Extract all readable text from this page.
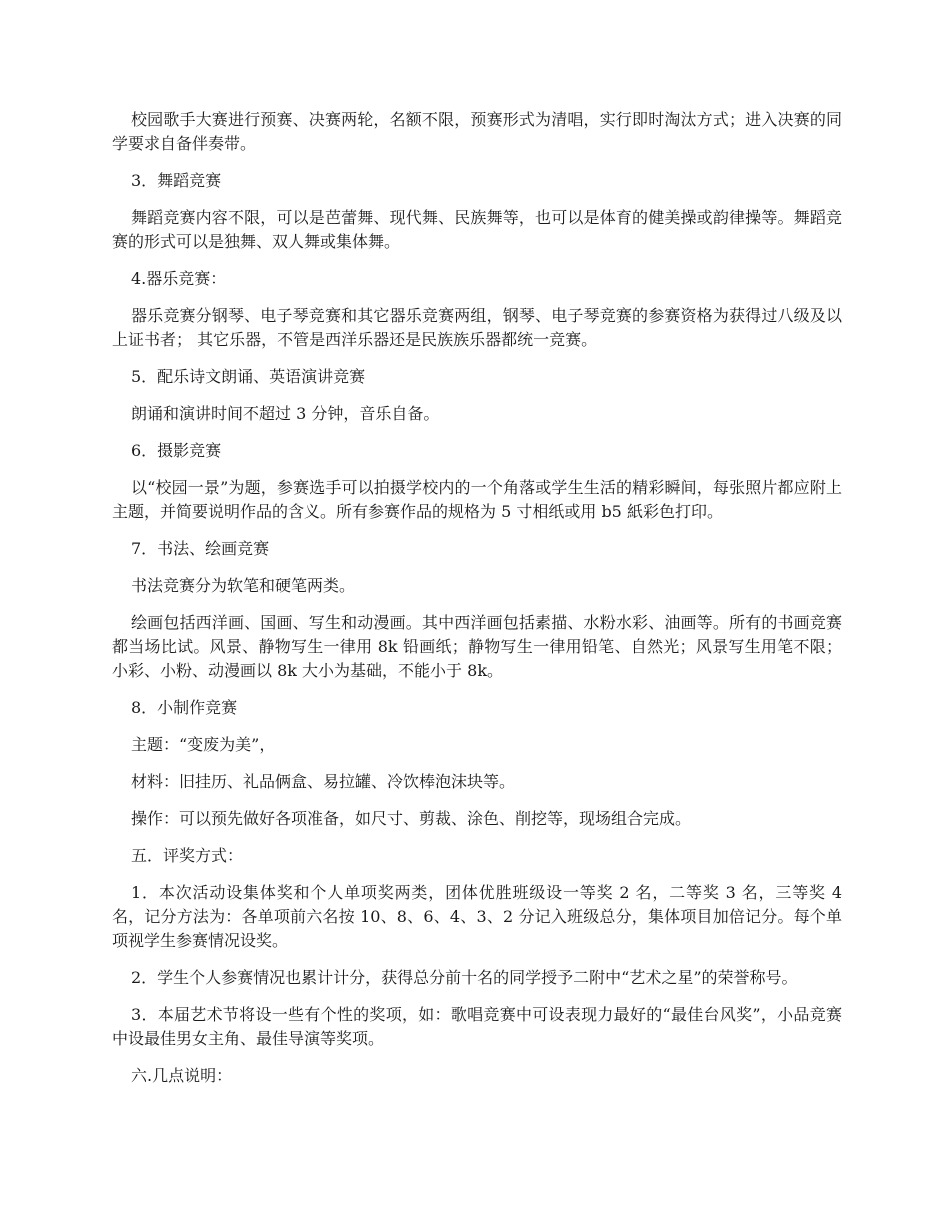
校园歌手大赛进行预赛、决赛两轮，名额不限，预赛形式为清唱，实行即时淘汰方式；进入决赛的同学要求自备伴奏带。

3．舞蹈竞赛

舞蹈竞赛内容不限，可以是芭蕾舞、现代舞、民族舞等，也可以是体育的健美操或韵律操等。舞蹈竞赛的形式可以是独舞、双人舞或集体舞。

4.器乐竞赛：

器乐竞赛分钢琴、电子琴竞赛和其它器乐竞赛两组，钢琴、电子琴竞赛的参赛资格为获得过八级及以上证书者； 其它乐器，不管是西洋乐器还是民族族乐器都统一竞赛。

5．配乐诗文朗诵、英语演讲竞赛

朗诵和演讲时间不超过 3 分钟，音乐自备。

6．摄影竞赛

以“校园一景”为题，参赛选手可以拍摄学校内的一个角落或学生生活的精彩瞬间，每张照片都应附上主题，并简要说明作品的含义。所有参赛作品的规格为 5 寸相纸或用 b5 紙彩色打印。

7．书法、绘画竞赛

书法竞赛分为软笔和硬笔两类。

绘画包括西洋画、国画、写生和动漫画。其中西洋画包括素描、水粉水彩、油画等。所有的书画竞赛都当场比试。风景、静物写生一律用 8k 铅画纸；静物写生一律用铅笔、自然光；风景写生用笔不限；小彩、小粉、动漫画以 8k 大小为基础，不能小于 8k。

8．小制作竞赛

主题：“变废为美”，

材料：旧挂历、礼品俩盒、易拉罐、冷饮棒泡沫块等。

操作：可以预先做好各项准备，如尺寸、剪裁、涂色、削挖等，现场组合完成。

五．评奖方式：

1．本次活动设集体奖和个人单项奖两类，团体优胜班级设一等奖 2 名，二等奖 3 名，三等奖 4 名，记分方法为：各单项前六名按 10、8、6、4、3、2 分记入班级总分，集体项目加倍记分。每个单项视学生参赛情况设奖。

2．学生个人参赛情况也累计计分，获得总分前十名的同学授予二附中“艺术之星”的荣誉称号。

3．本届艺术节将设一些有个性的奖项，如：歌唱竞赛中可设表现力最好的“最佳台风奖”，小品竞赛中设最佳男女主角、最佳导演等奖项。

六.几点说明：
